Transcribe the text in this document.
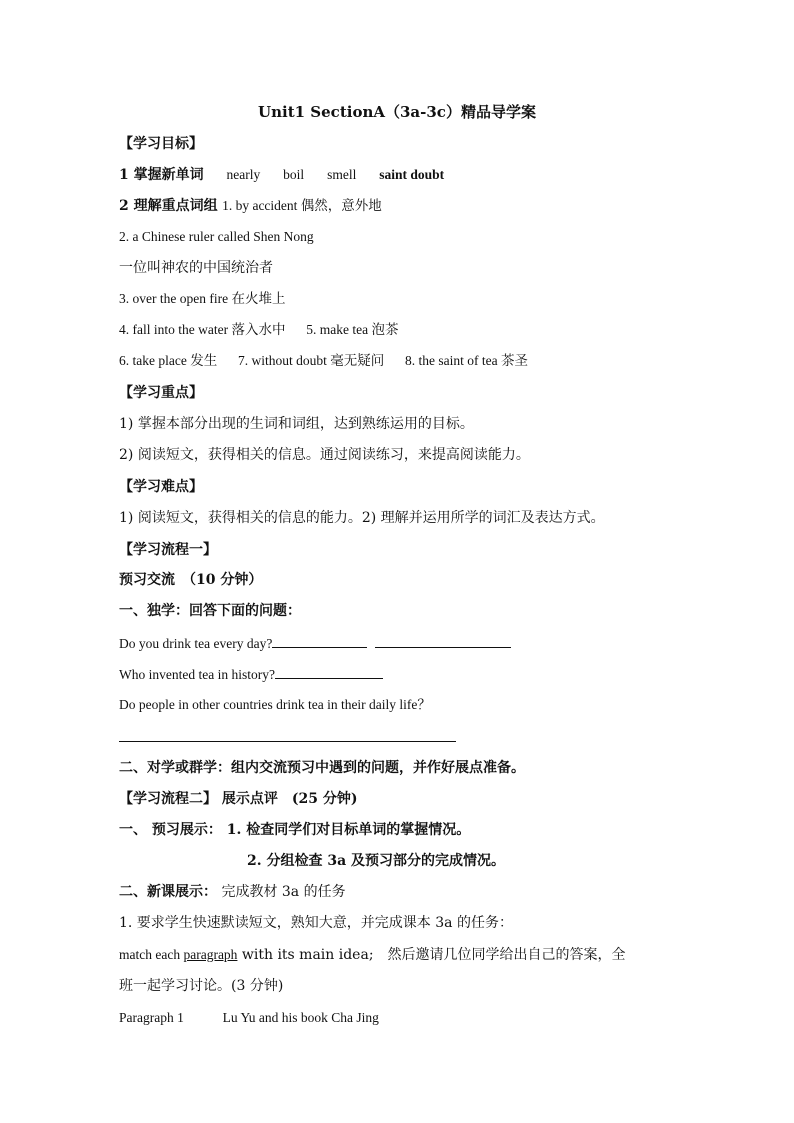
Unit1 SectionA（3a-3c）精品导学案
【学习目标】
1 掌握新单词 nearly boil smell saint doubt
2 理解重点词组 1. by accident 偶然，意外地
2. a Chinese ruler called Shen Nong
一位叫神农的中国统治者
3. over the open fire 在火堆上
4. fall into the water 落入水中 5. make tea 泡茶
6. take place 发生 7. without doubt 毫无疑问 8. the saint of tea 茶圣
【学习重点】
1) 掌握本部分出现的生词和词组，达到熟练运用的目标。
2) 阅读短文，获得相关的信息。通过阅读练习，来提高阅读能力。
【学习难点】
1) 阅读短文，获得相关的信息的能力。2) 理解并运用所学的词汇及表达方式。
【学习流程一】
预习交流　（10 分钟）
一、独学：回答下面的问题：
Do you drink tea every day?
Who invented tea in history?
Do people in other countries drink tea in their daily life？
二、对学或群学：组内交流预习中遇到的问题，并作好展点准备。
【学习流程二】 展示点评　(25 分钟)
一、 预习展示： 1. 检查同学们对目标单词的掌握情况。
2. 分组检查 3a 及预习部分的完成情况。
二、新课展示： 完成教材 3a 的任务
1. 要求学生快速默读短文，熟知大意，并完成课本 3a 的任务：
match each paragraph with its main idea;　然后邀请几位同学给出自己的答案，全
班一起学习讨论。(3 分钟)
Paragraph 1	Lu Yu and his book Cha Jing
